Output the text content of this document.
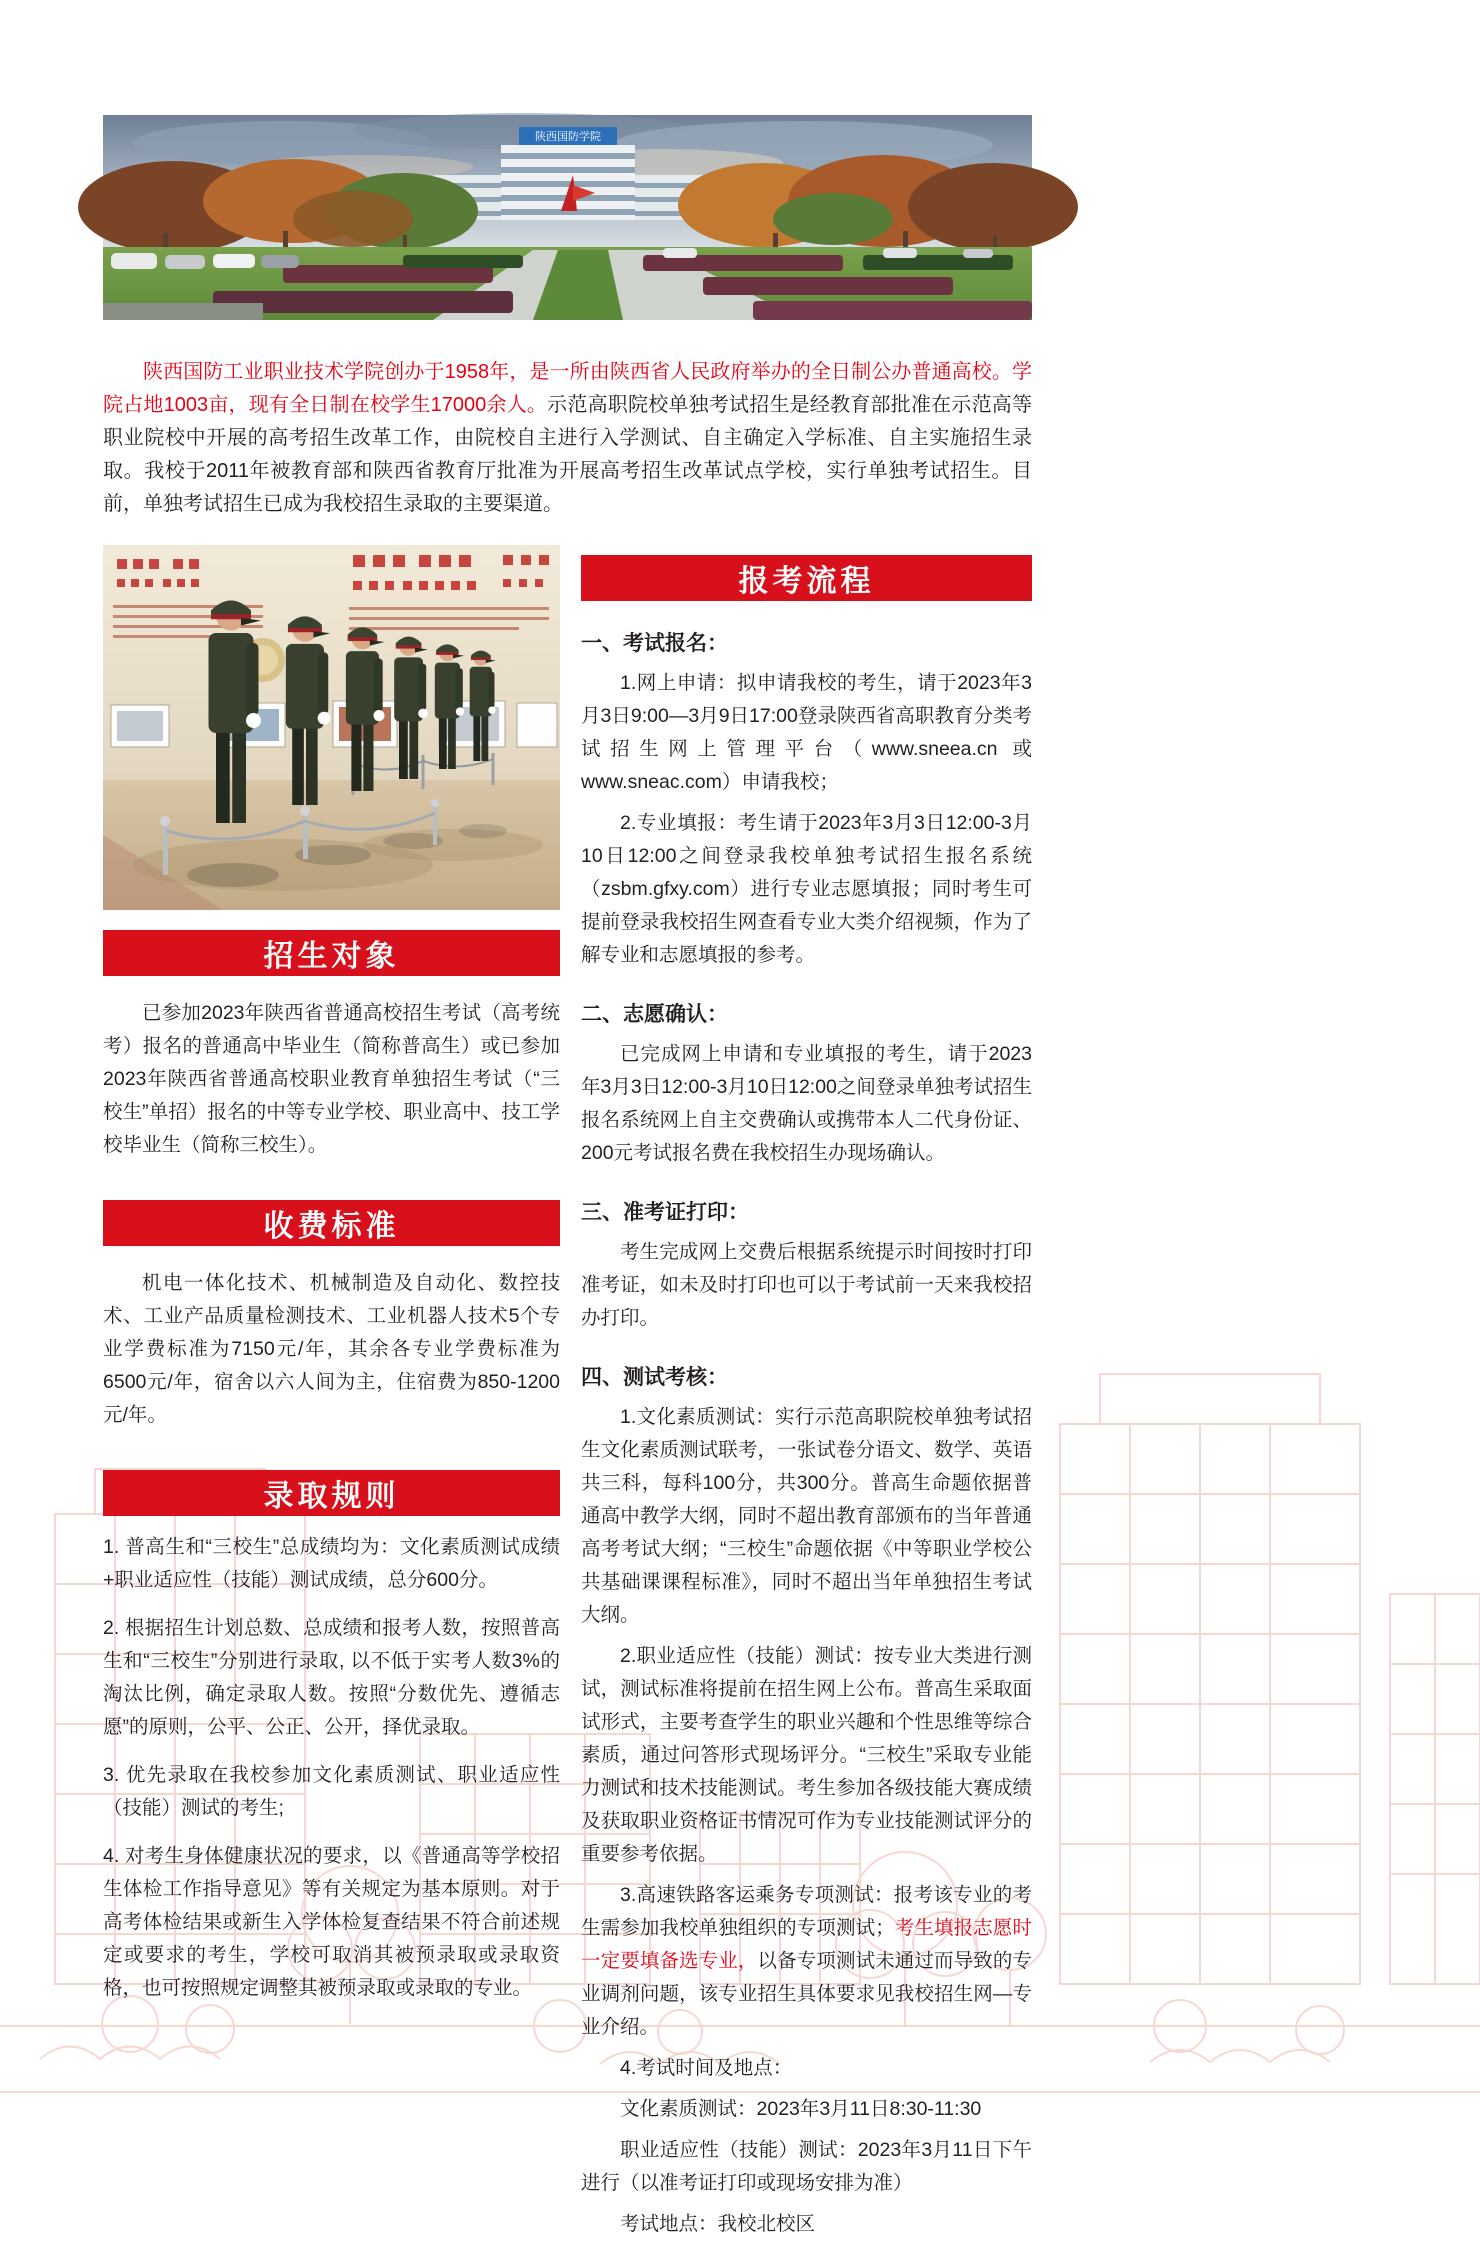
陕西国防学院

陕西国防工业职业技术学院创办于1958年，是一所由陕西省人民政府举办的全日制公办普通高校。学院占地1003亩，现有全日制在校学生17000余人。示范高职院校单独考试招生是经教育部批准在示范高等职业院校中开展的高考招生改革工作，由院校自主进行入学测试、自主确定入学标准、自主实施招生录取。我校于2011年被教育部和陕西省教育厅批准为开展高考招生改革试点学校，实行单独考试招生。目前，单独考试招生已成为我校招生录取的主要渠道。

招生对象

已参加2023年陕西省普通高校招生考试（高考统考）报名的普通高中毕业生（简称普高生）或已参加2023年陕西省普通高校职业教育单独招生考试（“三校生”单招）报名的中等专业学校、职业高中、技工学校毕业生（简称三校生）。

收费标准

机电一体化技术、机械制造及自动化、数控技术、工业产品质量检测技术、工业机器人技术5个专业学费标准为7150元/年，其余各专业学费标准为6500元/年，宿舍以六人间为主，住宿费为850-1200元/年。

录取规则

1. 普高生和“三校生”总成绩均为：文化素质测试成绩+职业适应性（技能）测试成绩，总分600分。

2. 根据招生计划总数、总成绩和报考人数，按照普高生和“三校生”分别进行录取, 以不低于实考人数3%的淘汰比例，确定录取人数。按照“分数优先、遵循志愿”的原则，公平、公正、公开，择优录取。

3. 优先录取在我校参加文化素质测试、职业适应性（技能）测试的考生;

4. 对考生身体健康状况的要求，以《普通高等学校招生体检工作指导意见》等有关规定为基本原则。对于高考体检结果或新生入学体检复查结果不符合前述规定或要求的考生，学校可取消其被预录取或录取资格，也可按照规定调整其被预录取或录取的专业。

报考流程
一、考试报名：

1.网上申请：拟申请我校的考生，请于2023年3月3日9:00—3月9日17:00登录陕西省高职教育分类考试招生网上管理平台（www.sneea.cn 或 www.sneac.com）申请我校；

2.专业填报：考生请于2023年3月3日12:00-3月10日12:00之间登录我校单独考试招生报名系统（zsbm.gfxy.com）进行专业志愿填报；同时考生可提前登录我校招生网查看专业大类介绍视频，作为了解专业和志愿填报的参考。

二、志愿确认：

已完成网上申请和专业填报的考生，请于2023年3月3日12:00-3月10日12:00之间登录单独考试招生报名系统网上自主交费确认或携带本人二代身份证、200元考试报名费在我校招生办现场确认。

三、准考证打印：

考生完成网上交费后根据系统提示时间按时打印准考证，如未及时打印也可以于考试前一天来我校招办打印。

四、测试考核：

1.文化素质测试：实行示范高职院校单独考试招生文化素质测试联考，一张试卷分语文、数学、英语共三科，每科100分，共300分。普高生命题依据普通高中教学大纲，同时不超出教育部颁布的当年普通高考考试大纲；“三校生”命题依据《中等职业学校公共基础课课程标准》，同时不超出当年单独招生考试大纲。

2.职业适应性（技能）测试：按专业大类进行测试，测试标准将提前在招生网上公布。普高生采取面试形式，主要考查学生的职业兴趣和个性思维等综合素质，通过问答形式现场评分。“三校生”采取专业能力测试和技术技能测试。考生参加各级技能大赛成绩及获取职业资格证书情况可作为专业技能测试评分的重要参考依据。

3.高速铁路客运乘务专项测试：报考该专业的考生需参加我校单独组织的专项测试；考生填报志愿时一定要填备选专业，以备专项测试未通过而导致的专业调剂问题，该专业招生具体要求见我校招生网—专业介绍。

4.考试时间及地点：

文化素质测试：2023年3月11日8:30-11:30

职业适应性（技能）测试：2023年3月11日下午进行（以准考证打印或现场安排为准）

考试地点：我校北校区
